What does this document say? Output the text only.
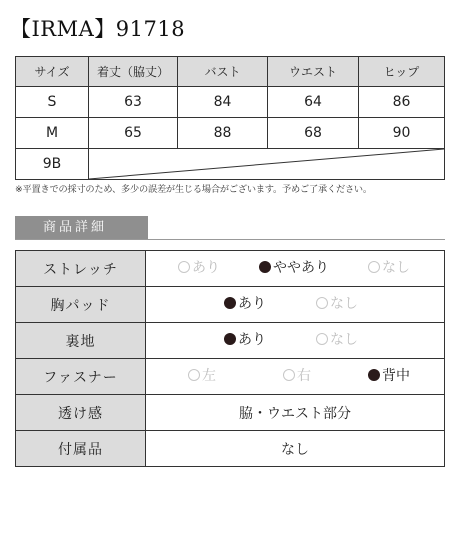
【IRMA】91718
サイズ	着丈（脇丈）	バスト	ウエスト	ヒップ
S	63	84	64	86
M	65	88	68	90
9B	
※平置きでの採寸のため、多少の誤差が生じる場合がございます。予めご了承ください。
商品詳細
ストレッチ	あり ややあり なし

胸パッド	あり なし

裏地	あり なし

ファスナー	左 右 背中

透け感	脇・ウエスト部分
付属品	なし
